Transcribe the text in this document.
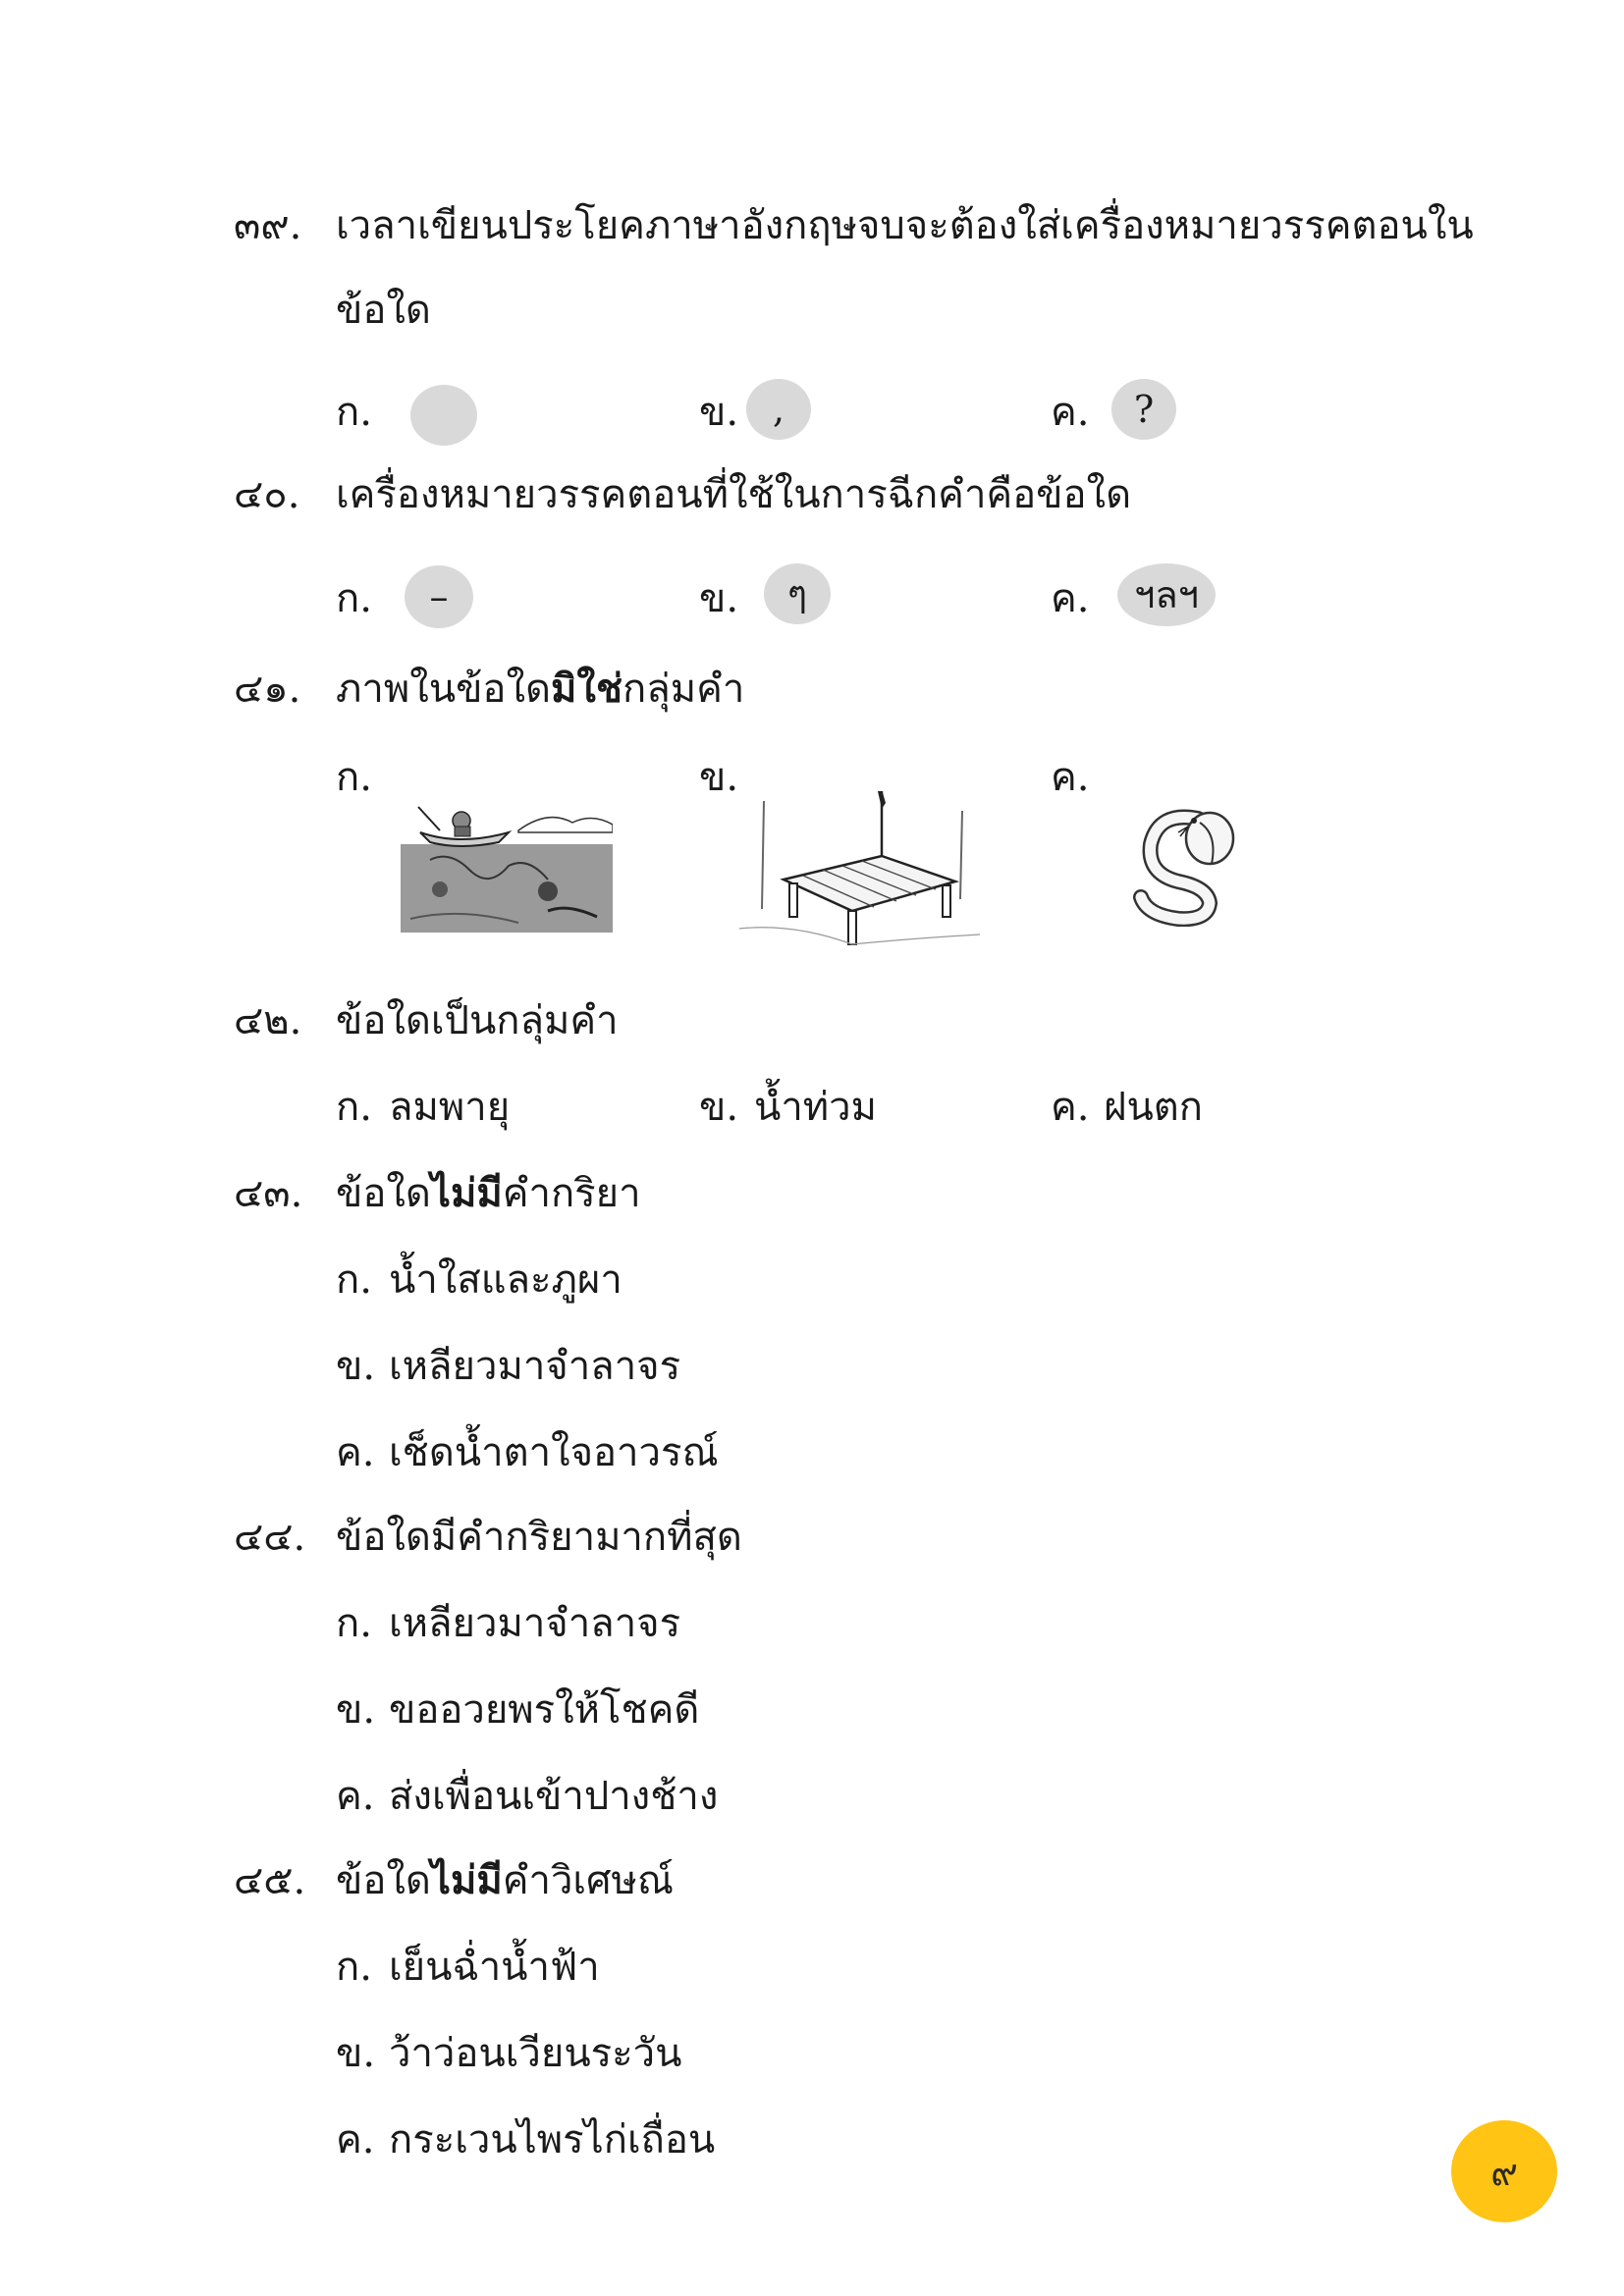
๓๙. เวลาเขียนประโยคภาษาอังกฤษจบจะต้องใส่เครื่องหมายวรรคตอนใน
ข้อใด
ก.	ข. ,	ค. ?
๔๐. เครื่องหมายวรรคตอนที่ใช้ในการฉีกคำคือข้อใด
ก. –	ข. ๆ	ค. ฯลฯ
๔๑. ภาพในข้อใดมิใช่กลุ่มคำ
ก.	ข.	ค.
๔๒. ข้อใดเป็นกลุ่มคำ
ก. ลมพายุ	ข. น้ำท่วม	ค. ฝนตก
๔๓. ข้อใดไม่มีคำกริยา
ก. น้ำใสและภูผา
ข. เหลียวมาจำลาจร
ค. เช็ดน้ำตาใจอาวรณ์
๔๔. ข้อใดมีคำกริยามากที่สุด
ก. เหลียวมาจำลาจร
ข. ขออวยพรให้โชคดี
ค. ส่งเพื่อนเข้าปางช้าง
๔๕. ข้อใดไม่มีคำวิเศษณ์
ก. เย็นฉ่ำน้ำฟ้า
ข. ว้าว่อนเวียนระวัน
ค. กระเวนไพรไก่เถื่อน
๙
